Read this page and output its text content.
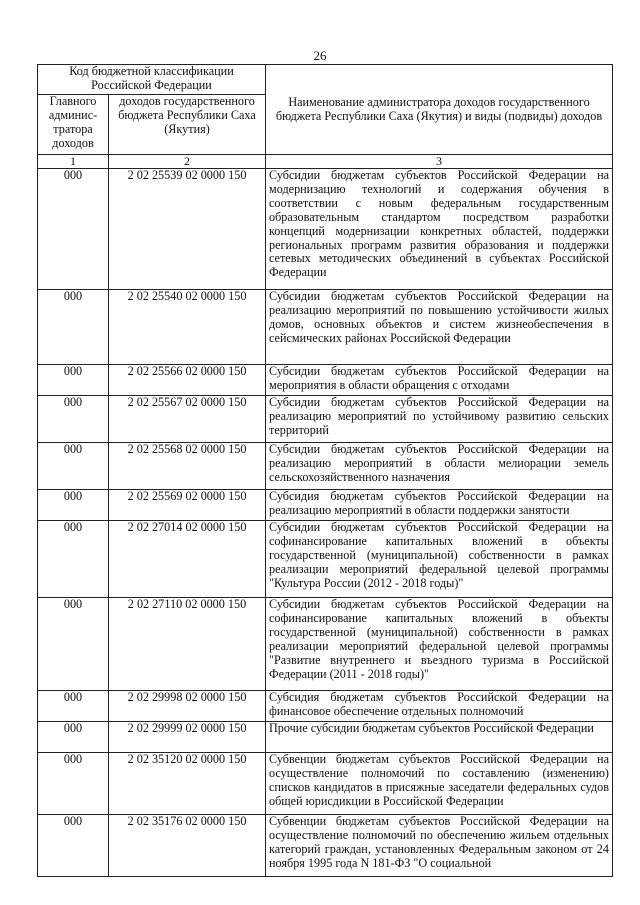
26
Код бюджетной классификации Российской Федерации		Наименование администратора доходов государственного бюджета Республики Саха (Якутия) и виды (подвиды) доходов
Главного админис-тратора доходов	доходов государственного бюджета Республики Саха (Якутия)	
1	2	3
000	2 02 25539 02 0000 150	Субсидии бюджетам субъектов Российской Федерации на модернизацию технологий и содержания обучения в соответствии с новым федеральным государственным образовательным стандартом посредством разработки концепций модернизации конкретных областей, поддержки региональных программ развития образования и поддержки сетевых методических объединений в субъектах Российской Федерации
000	2 02 25540 02 0000 150	Субсидии бюджетам субъектов Российской Федерации на реализацию мероприятий по повышению устойчивости жилых домов, основных объектов и систем жизнеобеспечения в сейсмических районах Российской Федерации
000	2 02 25566 02 0000 150	Субсидии бюджетам субъектов Российской Федерации на мероприятия в области обращения с отходами
000	2 02 25567 02 0000 150	Субсидии бюджетам субъектов Российской Федерации на реализацию мероприятий по устойчивому развитию сельских территорий
000	2 02 25568 02 0000 150	Субсидии бюджетам субъектов Российской Федерации на реализацию мероприятий в области мелиорации земель сельскохозяйственного назначения
000	2 02 25569 02 0000 150	Субсидия бюджетам субъектов Российской Федерации на реализацию мероприятий в области поддержки занятости
000	2 02 27014 02 0000 150	Субсидии бюджетам субъектов Российской Федерации на софинансирование капитальных вложений в объекты государственной (муниципальной) собственности в рамках реализации мероприятий федеральной целевой программы "Культура России (2012 - 2018 годы)"
000	2 02 27110 02 0000 150	Субсидии бюджетам субъектов Российской Федерации на софинансирование капитальных вложений в объекты государственной (муниципальной) собственности в рамках реализации мероприятий федеральной целевой программы "Развитие внутреннего и въездного туризма в Российской Федерации (2011 - 2018 годы)"
000	2 02 29998 02 0000 150	Субсидия бюджетам субъектов Российской Федерации на финансовое обеспечение отдельных полномочий
000	2 02 29999 02 0000 150	Прочие субсидии бюджетам субъектов Российской Федерации
000	2 02 35120 02 0000 150	Субвенции бюджетам субъектов Российской Федерации на осуществление полномочий по составлению (изменению) списков кандидатов в присяжные заседатели федеральных судов общей юрисдикции в Российской Федерации
000	2 02 35176 02 0000 150	Субвенции бюджетам субъектов Российской Федерации на осуществление полномочий по обеспечению жильем отдельных категорий граждан, установленных Федеральным законом от 24 ноября 1995 года N 181-ФЗ "О социальной
